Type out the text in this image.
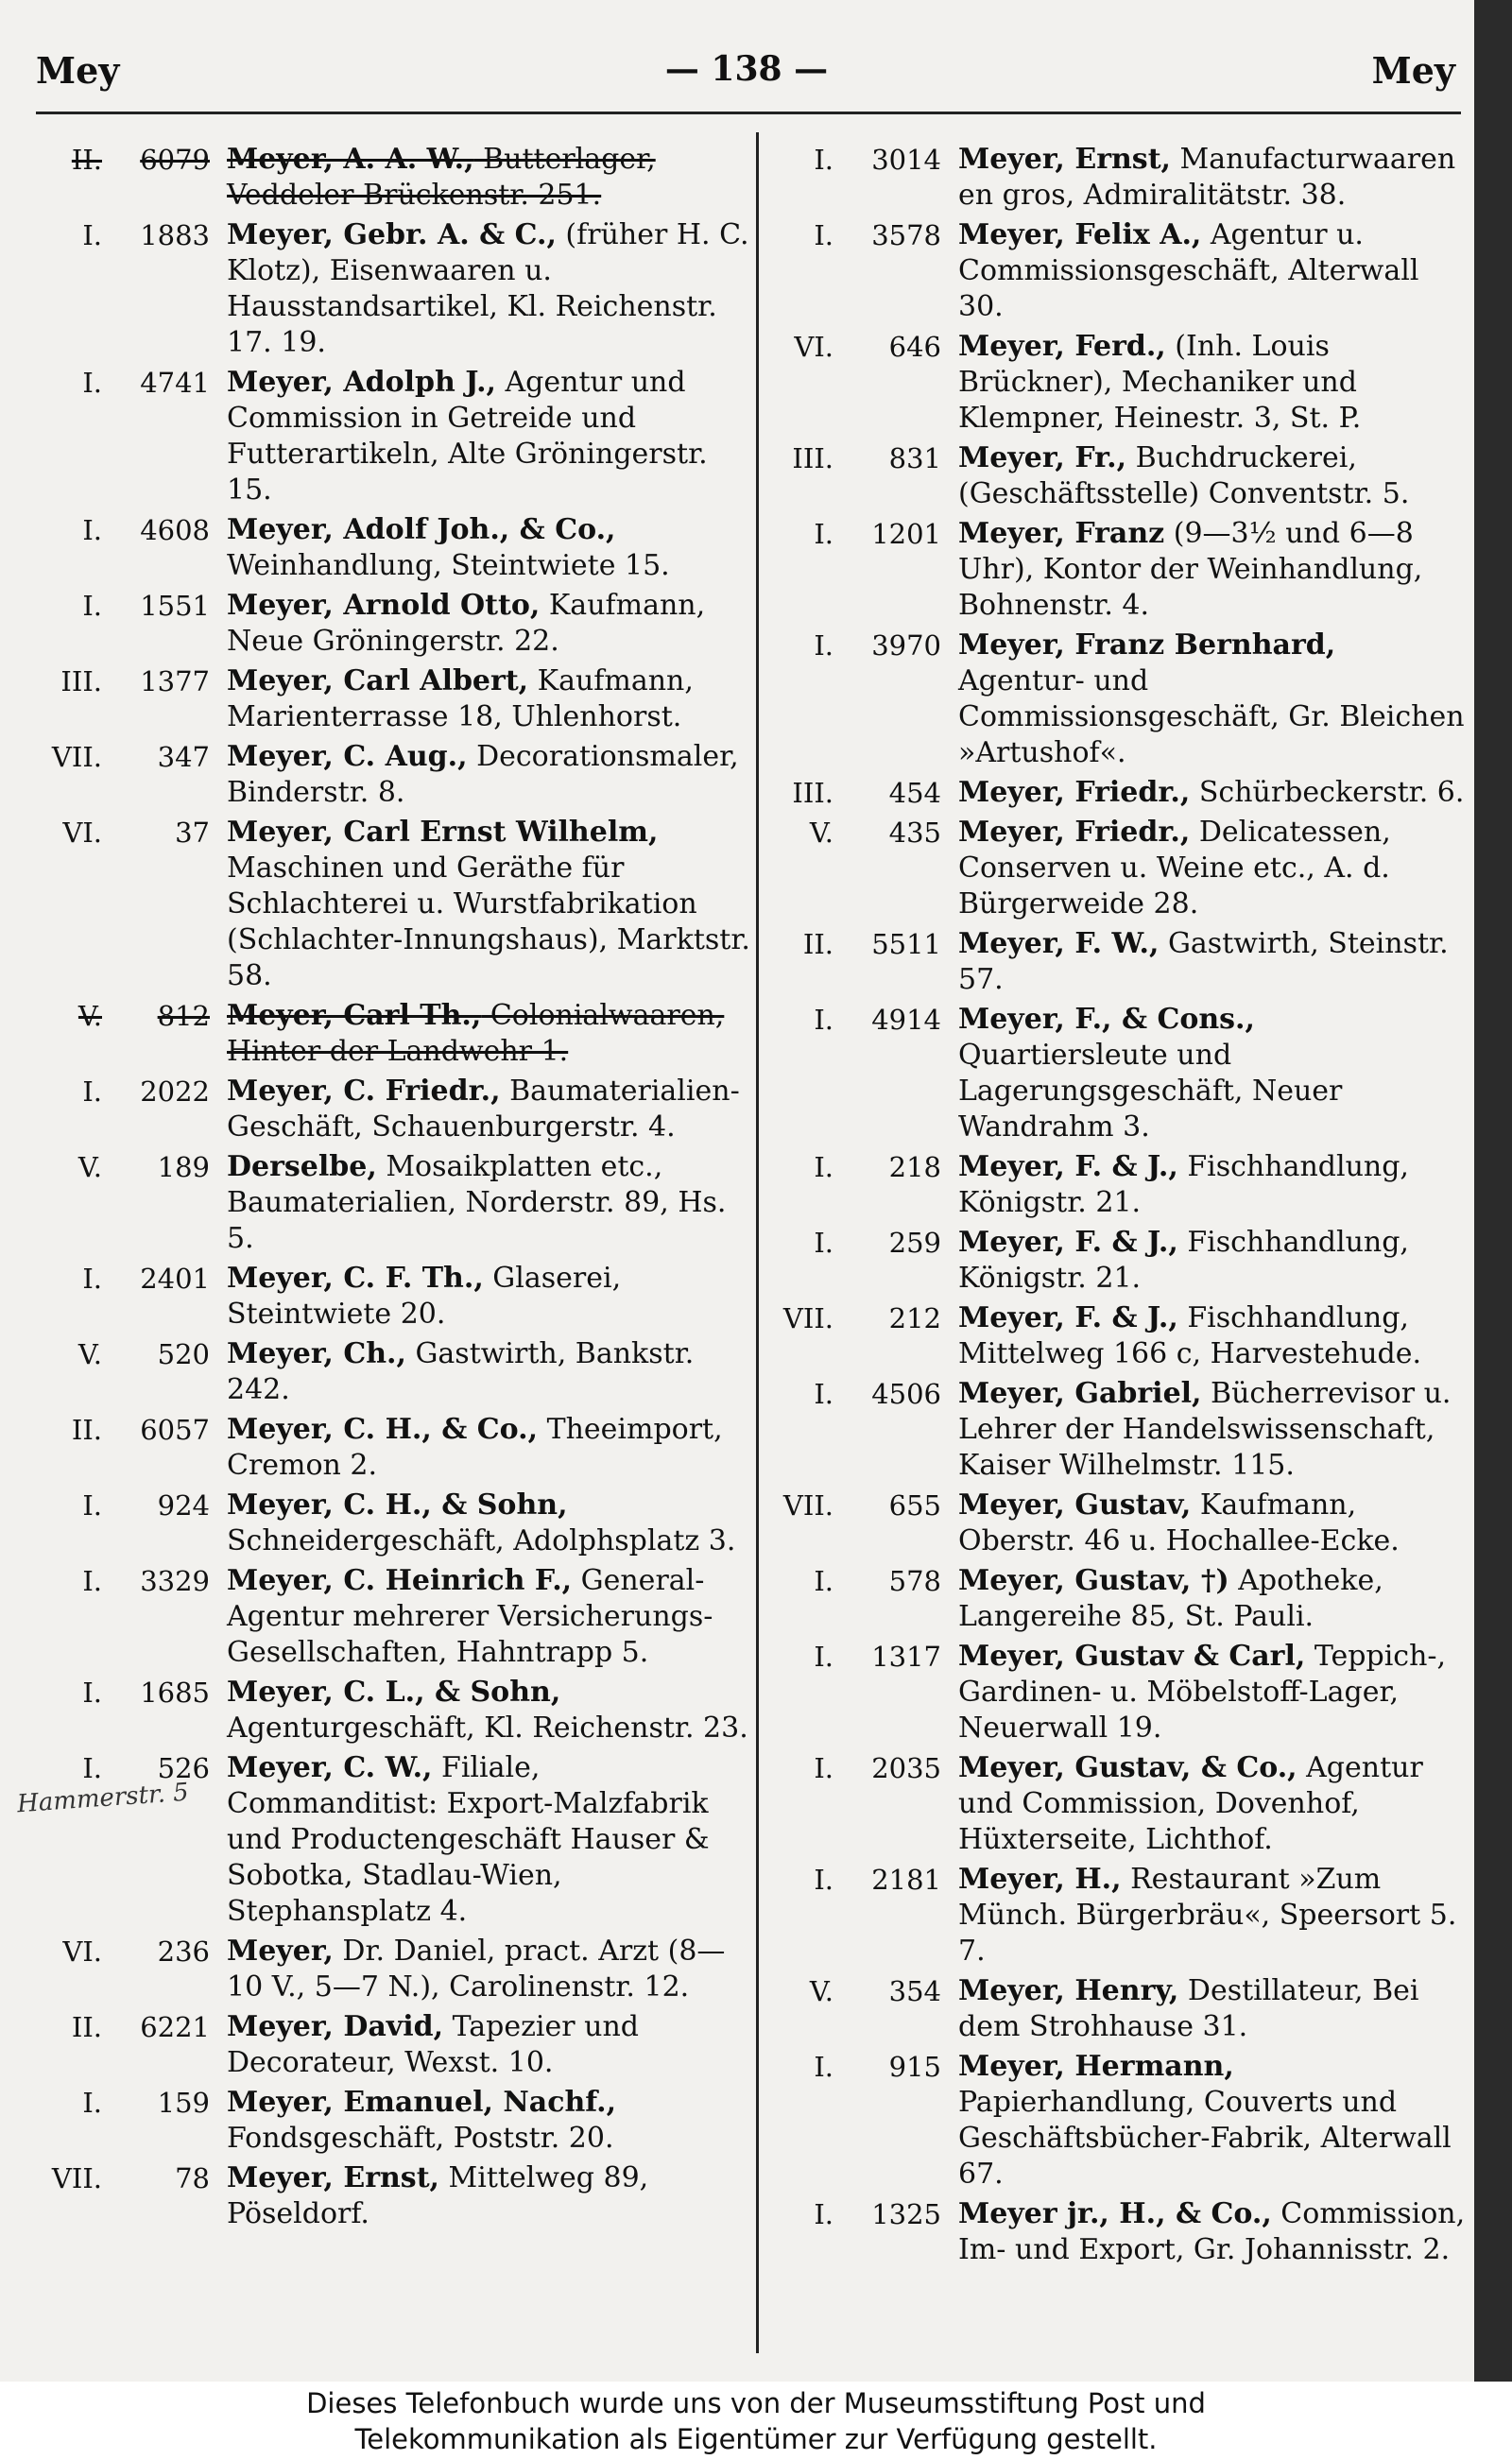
Mey	— 138 —	Mey
II.	6079 Meyer, A. A. W., Butterlager, Veddeler Brückenstr. 251.
I.	1883 Meyer, Gebr. A. & C., (früher H. C. Klotz), Eisenwaaren u. Hausstandsartikel, Kl. Reichenstr. 17. 19.
I.	4741 Meyer, Adolph J., Agentur und Commission in Getreide und Futterartikeln, Alte Gröningerstr. 15.
I.	4608 Meyer, Adolf Joh., & Co., Weinhandlung, Steintwiete 15.
I.	1551 Meyer, Arnold Otto, Kaufmann, Neue Gröningerstr. 22.
III.	1377 Meyer, Carl Albert, Kaufmann, Marienterrasse 18, Uhlenhorst.
VII.	347 Meyer, C. Aug., Decorationsmaler, Binderstr. 8.
VI.	37 Meyer, Carl Ernst Wilhelm, Maschinen und Geräthe für Schlachterei u. Wurstfabrikation (Schlachter-Innungshaus), Marktstr. 58.
V.	812 Meyer, Carl Th., Colonialwaaren, Hinter der Landwehr 1.
I.	2022 Meyer, C. Friedr., Baumaterialien-Geschäft, Schauenburgerstr. 4.
V.	189 Derselbe, Mosaikplatten etc., Baumaterialien, Norderstr. 89, Hs. 5.
I.	2401 Meyer, C. F. Th., Glaserei, Steintwiete 20.
V.	520 Meyer, Ch., Gastwirth, Bankstr. 242.
II.	6057 Meyer, C. H., & Co., Theeimport, Cremon 2.
I.	924 Meyer, C. H., & Sohn, Schneidergeschäft, Adolphsplatz 3.
I.	3329 Meyer, C. Heinrich F., General-Agentur mehrerer Versicherungs-Gesellschaften, Hahntrapp 5.
I.	1685 Meyer, C. L., & Sohn, Agenturgeschäft, Kl. Reichenstr. 23.
I.	526 Meyer, C. W., Filiale, Commanditist: Export-Malzfabrik und Productengeschäft Hauser & Sobotka, Stadlau-Wien, Stephansplatz 4.
VI.	236 Meyer, Dr. Daniel, pract. Arzt (8—10 V., 5—7 N.), Carolinenstr. 12.
II.	6221 Meyer, David, Tapezier und Decorateur, Wexst. 10.
I.	159 Meyer, Emanuel, Nachf., Fondsgeschäft, Poststr. 20.
VII.	78 Meyer, Ernst, Mittelweg 89, Pöseldorf.
I.	3014 Meyer, Ernst, Manufacturwaaren en gros, Admiralitätstr. 38.
I.	3578 Meyer, Felix A., Agentur u. Commissionsgeschäft, Alterwall 30.
VI.	646 Meyer, Ferd., (Inh. Louis Brückner), Mechaniker und Klempner, Heinestr. 3, St. P.
III.	831 Meyer, Fr., Buchdruckerei, (Geschäftsstelle) Conventstr. 5.
I.	1201 Meyer, Franz (9—3½ und 6—8 Uhr), Kontor der Weinhandlung, Bohnenstr. 4.
I.	3970 Meyer, Franz Bernhard, Agentur- und Commissionsgeschäft, Gr. Bleichen »Artushof«.
III.	454 Meyer, Friedr., Schürbeckerstr. 6.
V.	435 Meyer, Friedr., Delicatessen, Conserven u. Weine etc., A. d. Bürgerweide 28.
II.	5511 Meyer, F. W., Gastwirth, Steinstr. 57.
I.	4914 Meyer, F., & Cons., Quartiersleute und Lagerungsgeschäft, Neuer Wandrahm 3.
I.	218 Meyer, F. & J., Fischhandlung, Königstr. 21.
I.	259 Meyer, F. & J., Fischhandlung, Königstr. 21.
VII.	212 Meyer, F. & J., Fischhandlung, Mittelweg 166 c, Harvestehude.
I.	4506 Meyer, Gabriel, Bücherrevisor u. Lehrer der Handelswissenschaft, Kaiser Wilhelmstr. 115.
VII.	655 Meyer, Gustav, Kaufmann, Oberstr. 46 u. Hochallee-Ecke.
I.	578 Meyer, Gustav, †) Apotheke, Langereihe 85, St. Pauli.
I.	1317 Meyer, Gustav & Carl, Teppich-, Gardinen- u. Möbelstoff-Lager, Neuerwall 19.
I.	2035 Meyer, Gustav, & Co., Agentur und Commission, Dovenhof, Hüxterseite, Lichthof.
I.	2181 Meyer, H., Restaurant »Zum Münch. Bürgerbräu«, Speersort 5. 7.
V.	354 Meyer, Henry, Destillateur, Bei dem Strohhause 31.
I.	915 Meyer, Hermann, Papierhandlung, Couverts und Geschäftsbücher-Fabrik, Alterwall 67.
I.	1325 Meyer jr., H., & Co., Commission, Im- und Export, Gr. Johannisstr. 2.
Hammerstr. 5
Dieses Telefonbuch wurde uns von der Museumsstiftung Post und
Telekommunikation als Eigentümer zur Verfügung gestellt.
